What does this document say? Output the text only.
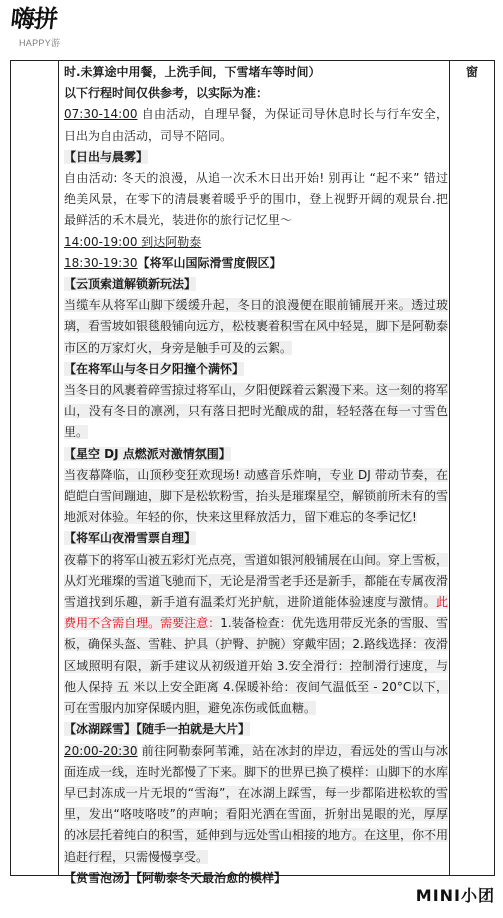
嗨拼
HAPPY游

时.未算途中用餐，上洗手间，下雪堵车等时间）

以下行程时间仅供参考，以实际为准：

07:30-14:00 自由活动，自理早餐，为保证司导休息时长与行车安全，日出为自由活动，司导不陪同。

【日出与晨雾】

自由活动: 冬天的浪漫，从追一次禾木日出开始! 别再让 “起不来” 错过绝美风景，在零下的清晨裹着暖乎乎的围巾，登上视野开阔的观景台.把最鲜活的禾木晨光，装进你的旅行记忆里～

14:00-19:00 到达阿勒泰

18:30-19:30【将军山国际滑雪度假区】

【云顶索道解锁新玩法】

当缆车从将军山脚下缓缓升起，冬日的浪漫便在眼前铺展开来。透过玻璃，看雪坡如银毯般铺向远方，松枝裹着积雪在风中轻晃，脚下是阿勒泰市区的万家灯火，身旁是触手可及的云絮。

【在将军山与冬日夕阳撞个满怀】

当冬日的风裹着碎雪掠过将军山，夕阳便踩着云絮漫下来。这一刻的将军山，没有冬日的凛冽，只有落日把时光酿成的甜，轻轻落在每一寸雪色里。

【星空 DJ 点燃派对激情氛围】

当夜幕降临，山顶秒变狂欢现场! 动感音乐炸响，专业 DJ 带动节奏，在皑皑白雪间蹦迪，脚下是松软粉雪，抬头是璀璨星空，解锁前所未有的雪地派对体验。年轻的你，快来这里释放活力，留下难忘的冬季记忆!

【将军山夜滑雪票自理】

夜幕下的将军山被五彩灯光点亮，雪道如银河般铺展在山间。穿上雪板，从灯光璀璨的雪道飞驰而下，无论是滑雪老手还是新手，都能在专属夜滑雪道找到乐趣，新手道有温柔灯光护航，进阶道能体验速度与激情。此费用不含需自理。需要注意：1.装备检查：优先选用带反光条的雪服、雪板，确保头盔、雪鞋、护具（护臀、护腕）穿戴牢固；2.路线选择：夜滑区域照明有限，新手建议从初级道开始 3.安全滑行：控制滑行速度，与他人保持 五 米以上安全距离 4.保暖补给：夜间气温低至 - 20°C以下，可在雪服内加穿保暖内胆，避免冻伤或低血糖。

【冰湖踩雪】【随手一拍就是大片】

20:00-20:30 前往阿勒泰阿苇滩，站在冰封的岸边，看远处的雪山与冰面连成一线，连时光都慢了下来。脚下的世界已换了模样：山脚下的水库早已封冻成一片无垠的“雪海”，在冰湖上踩雪，每一步都陷进松软的雪里，发出“咯吱咯吱”的声响；看阳光洒在雪面，折射出晃眼的光，厚厚的冰层托着纯白的积雪，延伸到与远处雪山相接的地方。在这里，你不用追赶行程，只需慢慢享受。

【赏雪泡汤】【阿勒泰冬天最治愈的模样】

窗
MINI小团
